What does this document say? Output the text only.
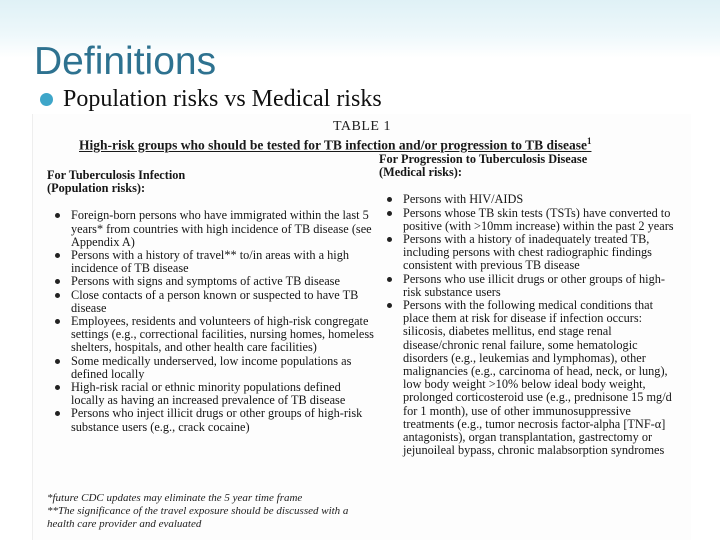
Definitions
Population risks vs Medical risks
TABLE 1
High-risk groups who should be tested for TB infection and/or progression to TB disease$^1$
For Tuberculosis Infection
(Population risks):
Foreign-born persons who have immigrated within the last 5 years* from countries with high incidence of TB disease (see Appendix A)
Persons with a history of travel** to/in areas with a high incidence of TB disease
Persons with signs and symptoms of active TB disease
Close contacts of a person known or suspected to have TB disease
Employees, residents and volunteers of high-risk congregate settings (e.g., correctional facilities, nursing homes, homeless shelters, hospitals, and other health care facilities)
Some medically underserved, low income populations as defined locally
High-risk racial or ethnic minority populations defined locally as having an increased prevalence of TB disease
Persons who inject illicit drugs or other groups of high-risk substance users (e.g., crack cocaine)
For Progression to Tuberculosis Disease
(Medical risks):
Persons with HIV/AIDS
Persons whose TB skin tests (TSTs) have converted to positive (with >10mm increase) within the past 2 years
Persons with a history of inadequately treated TB, including persons with chest radiographic findings consistent with previous TB disease
Persons who use illicit drugs or other groups of high-risk substance users
Persons with the following medical conditions that place them at risk for disease if infection occurs: silicosis, diabetes mellitus, end stage renal disease/chronic renal failure, some hematologic disorders (e.g., leukemias and lymphomas), other malignancies (e.g., carcinoma of head, neck, or lung), low body weight >10% below ideal body weight, prolonged corticosteroid use (e.g., prednisone 15 mg/d for 1 month), use of other immunosuppressive treatments (e.g., tumor necrosis factor-alpha [TNF-α] antagonists), organ transplantation, gastrectomy or jejunoileal bypass, chronic malabsorption syndromes
*future CDC updates may eliminate the 5 year time frame
**The significance of the travel exposure should be discussed with a health care provider and evaluated
